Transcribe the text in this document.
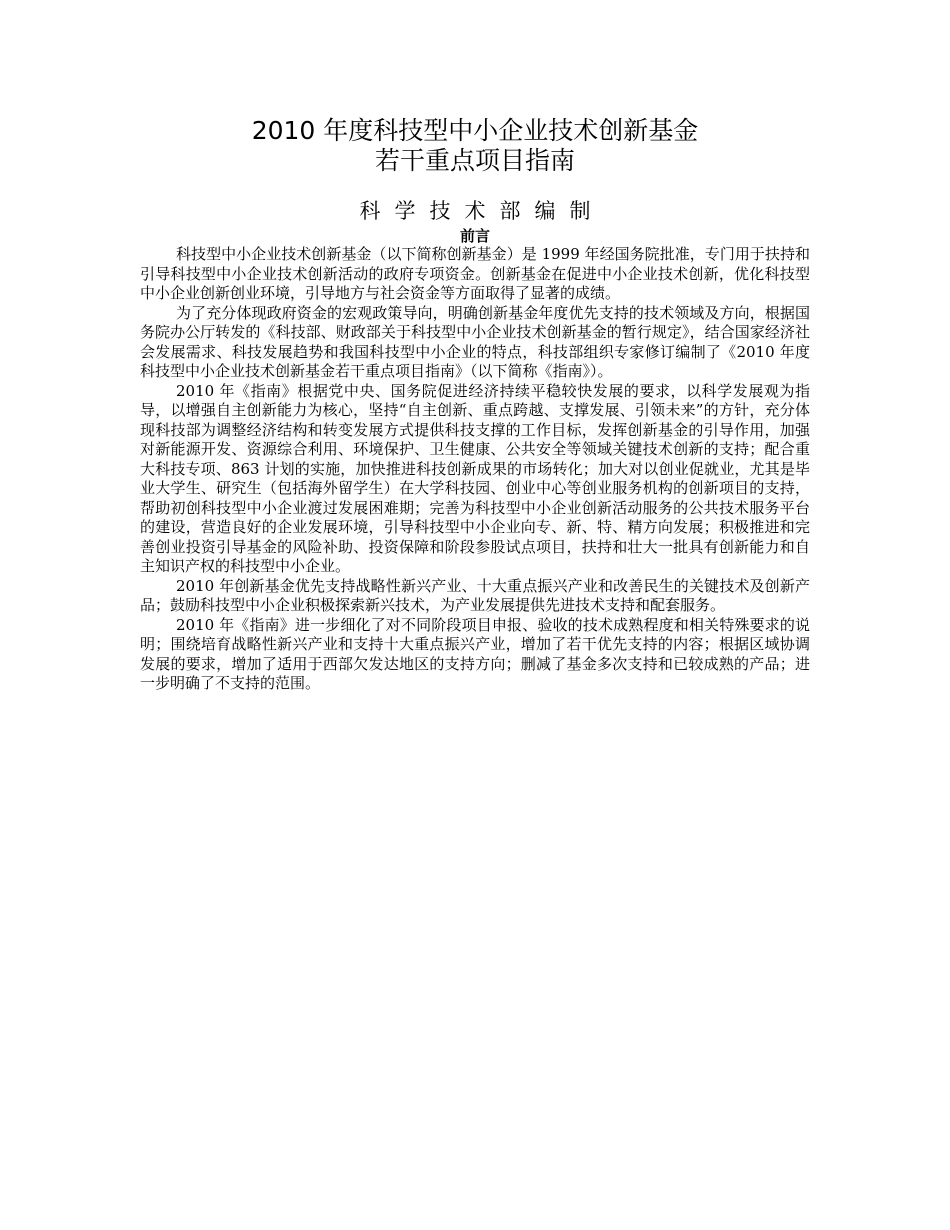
2010 年度科技型中小企业技术创新基金
若干重点项目指南
科学技术部编制
前言

科技型中小企业技术创新基金（以下简称创新基金）是 1999 年经国务院批准，专门用于扶持和引导科技型中小企业技术创新活动的政府专项资金。创新基金在促进中小企业技术创新，优化科技型中小企业创新创业环境，引导地方与社会资金等方面取得了显著的成绩。

为了充分体现政府资金的宏观政策导向，明确创新基金年度优先支持的技术领域及方向，根据国务院办公厅转发的《科技部、财政部关于科技型中小企业技术创新基金的暂行规定》，结合国家经济社会发展需求、科技发展趋势和我国科技型中小企业的特点，科技部组织专家修订编制了《2010 年度科技型中小企业技术创新基金若干重点项目指南》（以下简称《指南》）。

2010 年《指南》根据党中央、国务院促进经济持续平稳较快发展的要求，以科学发展观为指导，以增强自主创新能力为核心，坚持“自主创新、重点跨越、支撑发展、引领未来”的方针，充分体现科技部为调整经济结构和转变发展方式提供科技支撑的工作目标，发挥创新基金的引导作用，加强对新能源开发、资源综合利用、环境保护、卫生健康、公共安全等领域关键技术创新的支持；配合重大科技专项、863 计划的实施，加快推进科技创新成果的市场转化；加大对以创业促就业，尤其是毕业大学生、研究生（包括海外留学生）在大学科技园、创业中心等创业服务机构的创新项目的支持，帮助初创科技型中小企业渡过发展困难期；完善为科技型中小企业创新活动服务的公共技术服务平台的建设，营造良好的企业发展环境，引导科技型中小企业向专、新、特、精方向发展；积极推进和完善创业投资引导基金的风险补助、投资保障和阶段参股试点项目，扶持和壮大一批具有创新能力和自主知识产权的科技型中小企业。

2010 年创新基金优先支持战略性新兴产业、十大重点振兴产业和改善民生的关键技术及创新产品；鼓励科技型中小企业积极探索新兴技术，为产业发展提供先进技术支持和配套服务。

2010 年《指南》进一步细化了对不同阶段项目申报、验收的技术成熟程度和相关特殊要求的说明；围绕培育战略性新兴产业和支持十大重点振兴产业，增加了若干优先支持的内容；根据区域协调发展的要求，增加了适用于西部欠发达地区的支持方向；删减了基金多次支持和已较成熟的产品；进一步明确了不支持的范围。
